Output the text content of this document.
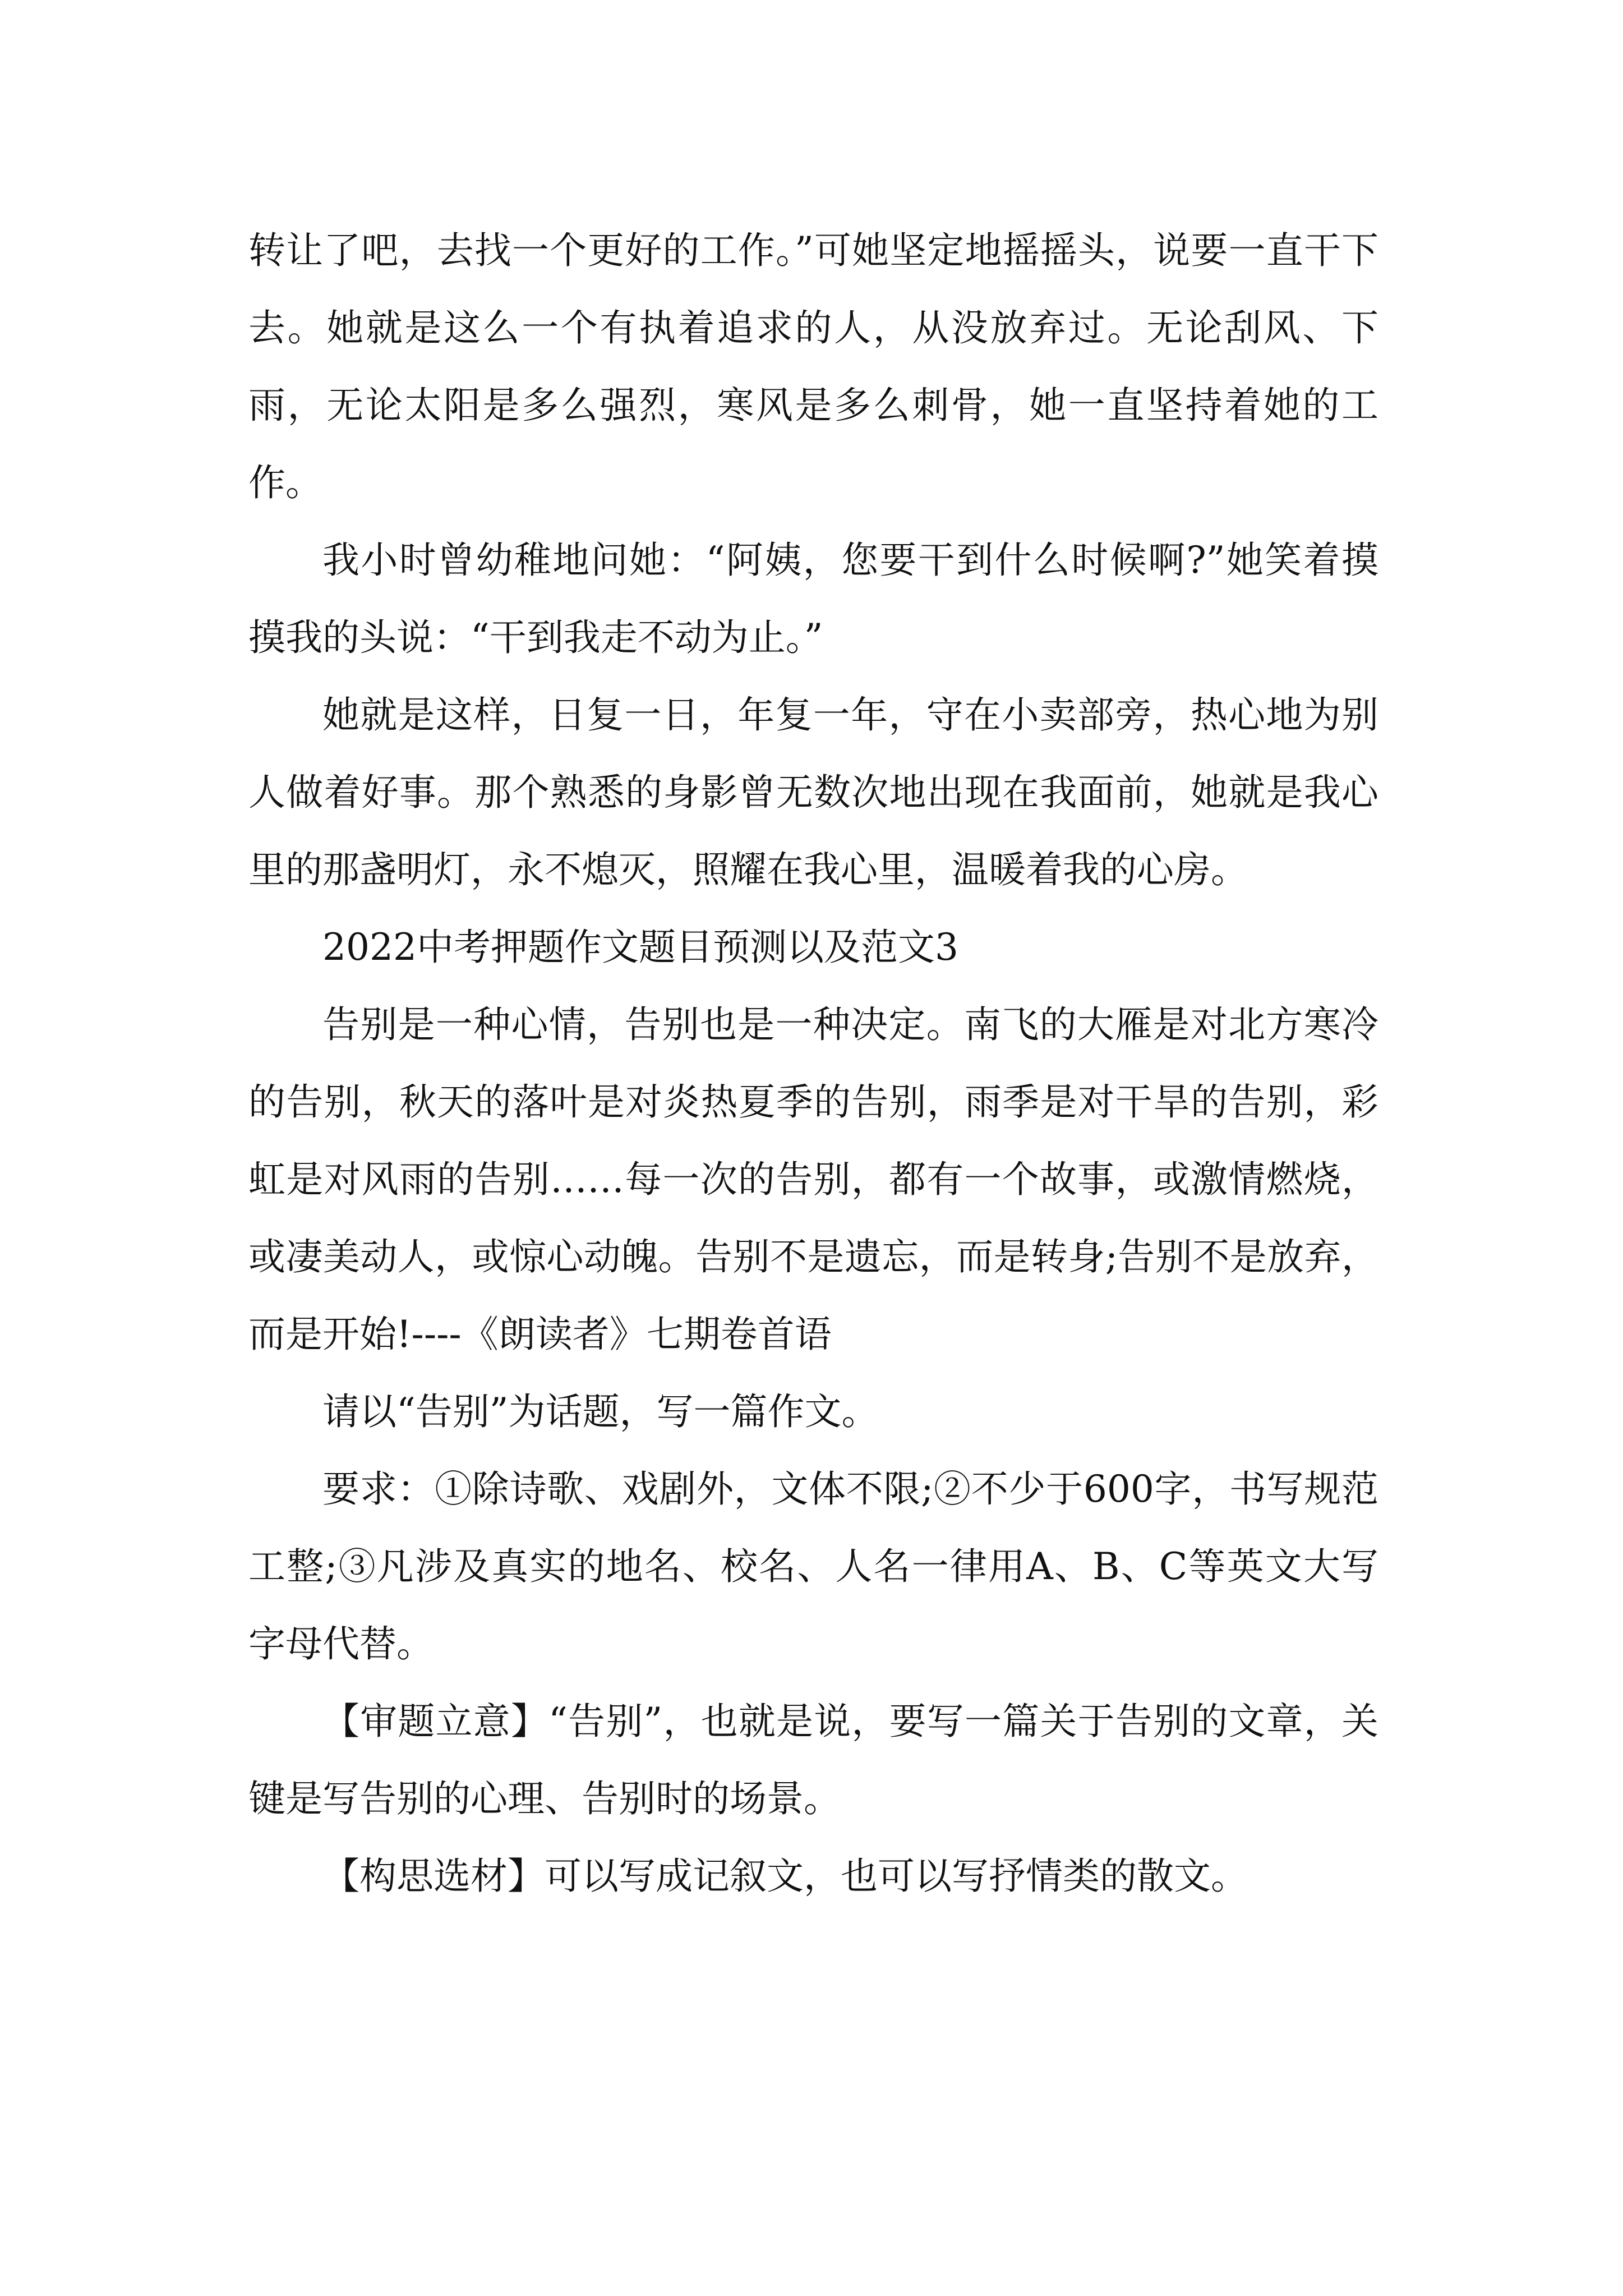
转让了吧，去找一个更好的工作。”可她坚定地摇摇头，说要一直干下去。她就是这么一个有执着追求的人，从没放弃过。无论刮风、下雨，无论太阳是多么强烈，寒风是多么刺骨，她一直坚持着她的工作。

我小时曾幼稚地问她：“阿姨，您要干到什么时候啊?”她笑着摸摸我的头说：“干到我走不动为止。”

她就是这样，日复一日，年复一年，守在小卖部旁，热心地为别人做着好事。那个熟悉的身影曾无数次地出现在我面前，她就是我心里的那盏明灯，永不熄灭，照耀在我心里，温暖着我的心房。

2022中考押题作文题目预测以及范文3

告别是一种心情，告别也是一种决定。南飞的大雁是对北方寒冷的告别，秋天的落叶是对炎热夏季的告别，雨季是对干旱的告别，彩虹是对风雨的告别……每一次的告别，都有一个故事，或激情燃烧，或凄美动人，或惊心动魄。告别不是遗忘，而是转身;告别不是放弃，而是开始!----《朗读者》七期卷首语

请以“告别”为话题，写一篇作文。

要求：①除诗歌、戏剧外，文体不限;②不少于600字，书写规范工整;③凡涉及真实的地名、校名、人名一律用A、B、C等英文大写字母代替。

【审题立意】“告别”，也就是说，要写一篇关于告别的文章，关键是写告别的心理、告别时的场景。

【构思选材】可以写成记叙文，也可以写抒情类的散文。
